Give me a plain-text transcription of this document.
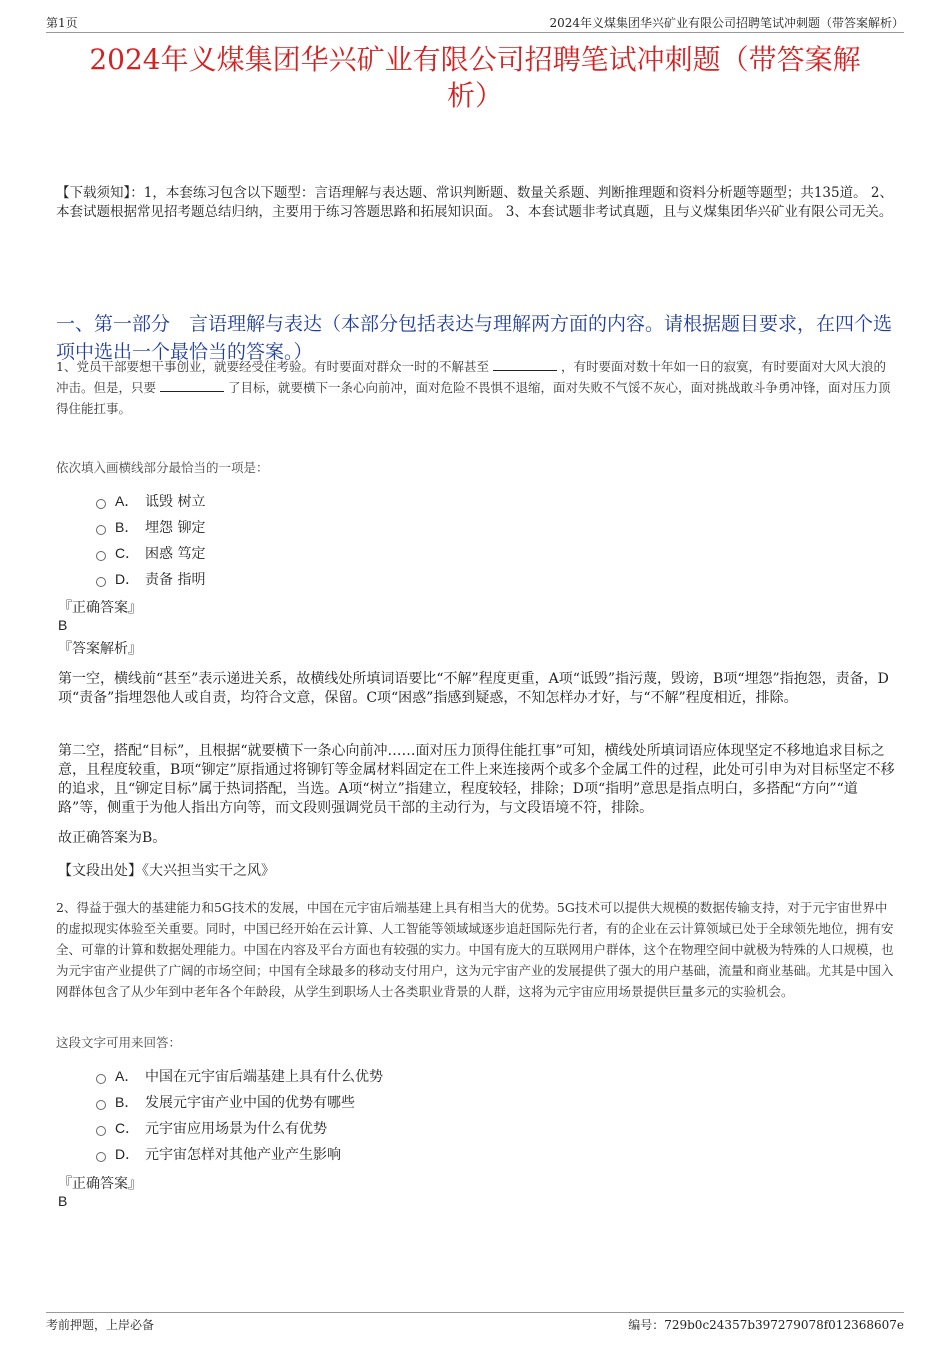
第1页	2024年义煤集团华兴矿业有限公司招聘笔试冲刺题（带答案解析）
2024年义煤集团华兴矿业有限公司招聘笔试冲刺题（带答案解
析）
【下载须知】：1，本套练习包含以下题型：言语理解与表达题、常识判断题、数量关系题、判断推理题和资料分析题等题型；共135道。 2、本套试题根据常见招考题总结归纳，主要用于练习答题思路和拓展知识面。 3、本套试题非考试真题，且与义煤集团华兴矿业有限公司无关。
一、第一部分　言语理解与表达（本部分包括表达与理解两方面的内容。请根据题目要求，在四个选项中选出一个最恰当的答案。）
1、党员干部要想干事创业，就要经受住考验。有时要面对群众一时的不解甚至	，有时要面对数十年如一日的寂寞，有时要面对大风大浪的冲击。但是，只要	了目标，就要横下一条心向前冲，面对危险不畏惧不退缩，面对失败不气馁不灰心，面对挑战敢斗争勇冲锋，面对压力顶得住能扛事。
依次填入画横线部分最恰当的一项是：
A． 诋毁 树立
B． 埋怨 铆定
C． 困惑 笃定
D． 责备 指明
『正确答案』
B
『答案解析』
第一空，横线前“甚至”表示递进关系，故横线处所填词语要比“不解”程度更重，A项“诋毁”指污蔑，毁谤，B项“埋怨”指抱怨，责备，D项“责备”指埋怨他人或自责，均符合文意，保留。C项“困惑”指感到疑惑，不知怎样办才好，与“不解”程度相近，排除。
第二空，搭配“目标”，且根据“就要横下一条心向前冲……面对压力顶得住能扛事”可知，横线处所填词语应体现坚定不移地追求目标之意，且程度较重，B项“铆定”原指通过将铆钉等金属材料固定在工件上来连接两个或多个金属工件的过程，此处可引申为对目标坚定不移的追求，且“铆定目标”属于热词搭配，当选。A项“树立”指建立，程度较轻，排除；D项“指明”意思是指点明白，多搭配“方向”“道路”等，侧重于为他人指出方向等，而文段则强调党员干部的主动行为，与文段语境不符，排除。
故正确答案为B。
【文段出处】《大兴担当实干之风》
2、得益于强大的基建能力和5G技术的发展，中国在元宇宙后端基建上具有相当大的优势。5G技术可以提供大规模的数据传输支持，对于元宇宙世界中的虚拟现实体验至关重要。同时，中国已经开始在云计算、人工智能等领域域逐步追赶国际先行者，有的企业在云计算领域已处于全球领先地位，拥有安全、可靠的计算和数据处理能力。中国在内容及平台方面也有较强的实力。中国有庞大的互联网用户群体，这个在物理空间中就极为特殊的人口规模，也为元宇宙产业提供了广阔的市场空间；中国有全球最多的移动支付用户，这为元宇宙产业的发展提供了强大的用户基础，流量和商业基础。尤其是中国入网群体包含了从少年到中老年各个年龄段，从学生到职场人士各类职业背景的人群，这将为元宇宙应用场景提供巨量多元的实验机会。
这段文字可用来回答：
A． 中国在元宇宙后端基建上具有什么优势
B． 发展元宇宙产业中国的优势有哪些
C． 元宇宙应用场景为什么有优势
D． 元宇宙怎样对其他产业产生影响
『正确答案』
B
考前押题，上岸必备	编号：729b0c24357b397279078f012368607e
